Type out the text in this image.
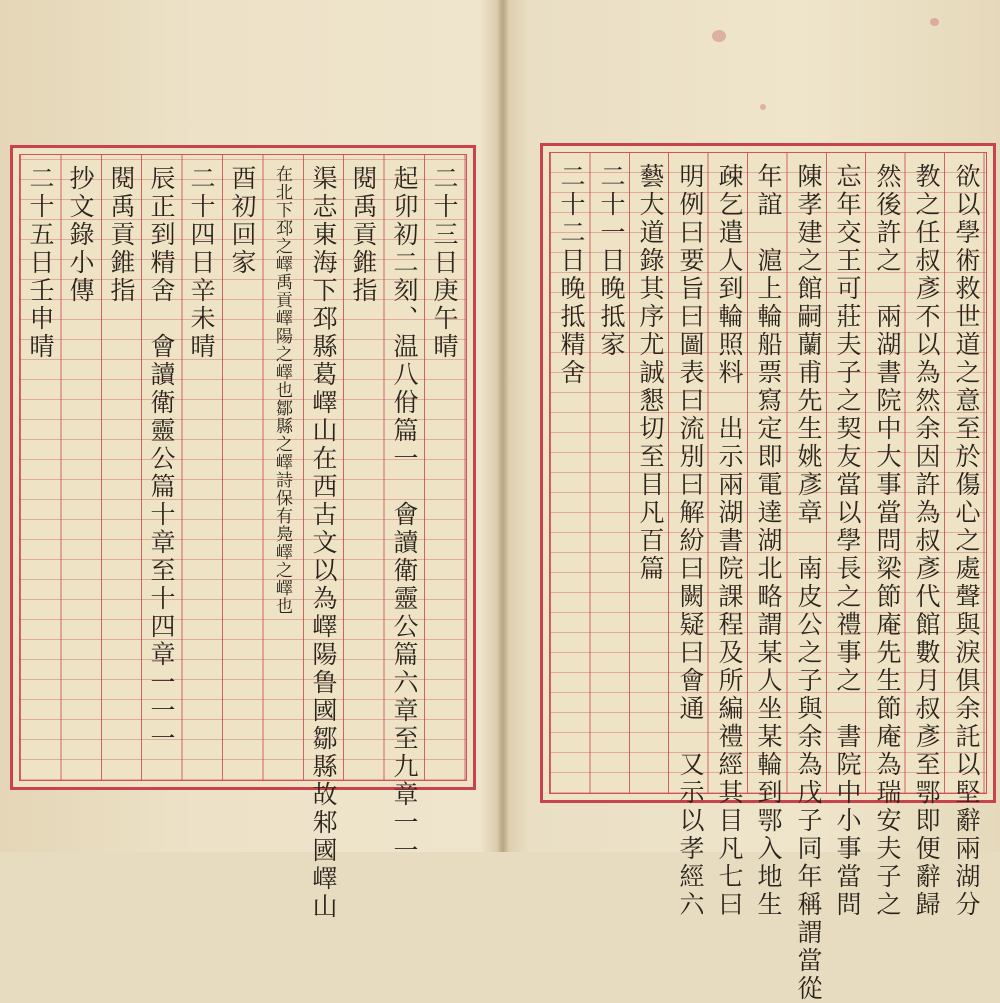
二十三日庚午晴
起卯初二刻、温八佾篇一　會讀衛靈公篇六章至九章一一
閱禹貢錐指
渠志東海下邳縣葛嶧山在西古文以為嶧陽鲁國鄒縣故邾國嶧山
在北下邳之嶧禹貢嶧陽之嶧也鄒縣之嶧詩保有鳧嶧之嶧也
酉初回家
二十四日辛未晴
辰正到精舍　會讀衛靈公篇十章至十四章一一一
閱禹貢錐指
抄文錄小傳
二十五日壬申晴	欲以學術救世道之意至於傷心之處聲與淚俱余託以堅辭兩湖分
教之任叔彥不以為然余因許為叔彥代館數月叔彥至鄂即便辭歸
然後許之　兩湖書院中大事當問梁節庵先生節庵為瑞安夫子之
忘年交王可莊夫子之契友當以學長之禮事之　書院中小事當問
陳孝建之館嗣蘭甫先生姚彥章　南皮公之子與余為戊子同年稱謂當從
年誼　滬上輪船票寫定即電達湖北略謂某人坐某輪到鄂入地生
疎乞遣人到輪照料　出示兩湖書院課程及所編禮經其目凡七曰
明例曰要旨曰圖表曰流別曰解紛曰闕疑曰會通　又示以孝經六
藝大道錄其序尤誠懇切至目凡百篇
二十一日晚抵家
二十二日晚抵精舍
